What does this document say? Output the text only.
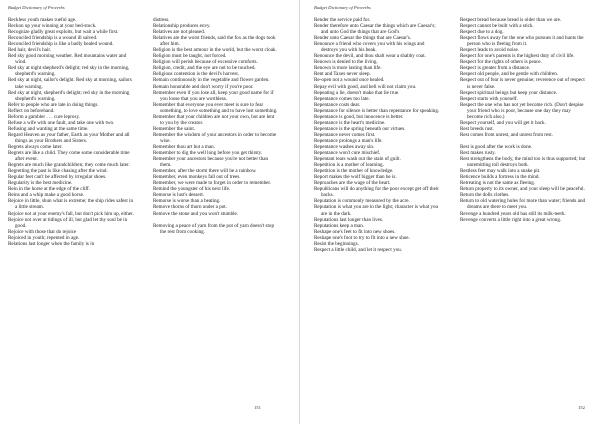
Budget Dictionary of Proverbs

Reckless youth makes rueful age.

Reckon up your winning at your bed-stock.

Recognize gladly great exploits, but wait a while first.

Reconciled friendship is a wound ill salved.

Reconciled friendship is like a badly healed wound.

Red hair, devil's hair.

Red sky good morning weather. Red mountains water and wind.

Red sky at night shepherd's delight; red sky in the morning, shepherd's warning.

Red sky at night, sailor's delight. Red sky at morning, sailors take warning.

Red sky at night, shepherd's delight; red sky in the morning shepherd's warning.

Refer to people who are late in doing things.

Reflect on beforehand.

Reform a gambler . . . cure leprosy.

Refuse a wife with one fault, and take one with two.

Refusing and wanting at the same time.

Regard Heaven as your father, Earth as your Mother and all things as your Brothers and Sisters.

Regrets always come later.

Regrets are like a child. They come some considerable time after event.

Regrets are much like grandchildren; they come much later.

Regretting the past is like chasing after the wind.

Regular feet can't be affected by irregular shoes.

Regularity is the best medicine.

Rein in the horse at the edge of the cliff.

Reins and a whip make a good horse.

Rejoice in little, shun what is extreme; the ship rides safest in a little stream.

Rejoice not at your enemy's fall, but don't pick him up, either.

Rejoice not over at tidings of ill, but glad let thy soul be in good.

Rejoice with those that do rejoice

Rejoiced in youth; repented in age.

Relations last longer when the family is in

distress.

Relationship produces envy.

Relatives are not pleased.

Relatives are the worst friends, said the fox as the dogs took after him.

Religion is the best armour in the world, but the worst cloak.

Religion must be taught, not forced.

Religion will perish because of excessive comforts.

Religion, credit, and the eye are not to be touched.

Religious contention is the devil's harvest.

Remain continuously in the vegetable and flower garden.

Remain honorable and don't worry if you're poor.

Remember even if you lose all, keep your good name for if you loose that you are worthless.

Remember that everyone you ever meet is sure to fear something, to love something and to have lost something.

Remember that your children are not your own, but are lent to you by the creator.

Remember the saint.

Remember the wisdom of your ancestors in order to become wise.

Remember thou art but a man.

Remember to dig the well long before you get thirsty.

Remember your ancestors because you're not better than them.

Remember, after the storm there will be a rainbow.

Remember, even monkeys fall out of trees.

Remember, we were made to forget in order to remember.

Remind the youngster of his next life.

Remorse is lust's dessert.

Remorse is worse than a beating.

Remove thorns of thorn under a pot.

Remove the stone and you won't stumble.

Removing a peace of yarn from the pot of yarn doesn't stop the rest from cooking.

151
Budget Dictionary of Proverbs

Render the service paid for.

Render therefore unto Caesar the things which are Caesar's; and unto God the things that are God's

Render unto Caesar the things that are Caesar's.

Renounce a friend who covers you with his wings and destroys you with his beak.

Renounce the devil, and thou shalt wear a shabby coat.

Renown is denied to the living.

Renown is more lasting than life.

Rent and Taxes never sleep.

Re-open not a wound once healed.

Repay evil with good, and hell will not claim you.

Repeating a lie, doesn't make that lie true.

Repentance comes too late.

Repentance costs dear.

Repentance for silence is better than repentance for speaking.

Repentance is good, but innocence is better.

Repentance is the heart's medicine.

Repentance is the spring beneath our virtues.

Repentance never comes first.

Repentance prolongs a man's life.

Repentance washes away sin.

Repentance won't cure mischief.

Repentant tears wash out the stain of guilt.

Repetition is a mother of learning.

Repetition is the mother of knowledge.

Report makes the wolf bigger than he is.

Reproaches are the wage of the heart.

Republicans will do anything for the poor except get off their backs.

Reputation is commonly measured by the acre.

Reputation is what you are in the light; character is what you are in the dark.

Reputations last longer than lives.

Reputations keep a man.

Reshape one's feet to fit into new shoes.

Reshape one's foot to try to fit into a new shoe.

Resist the beginnings.

Respect a little child, and let it respect you.

Respect bread because bread is older than we are.

Respect cannot be built with a stick.

Respect due to a dog.

Respect flows away for the one who pursues it and hunts the person who is fleeing from it.

Respect leads to avoid noise.

Respect for one's parents is the highest duty of civil life.

Respect for the rights of others is peace.

Respect is greater from a distance.

Respect old people, and be gentle with children.

Respect out of fear is never genuine; reverence out of respect is never false.

Respect spiritual beings but keep your distance.

Respect starts with yourself.

Respect the one who has not yet become rich. (Don't despise your friend who is poor, because one day they may become rich also.)

Respect yourself, and you will get it back.

Rest breeds rust.

Rest comes from unrest, and unrest from rest.

Rest is good after the work is done.

Rest makes rusty.

Rest strengthens the body, the mind too is thus supported; but unremitting toil destroys both.

Restless feet may walk into a snake pit.

Reticence builds a fortress in the mind.

Retreating is not the same as fleeing.

Return property to its owner, and your sleep will be peaceful.

Return the dolls clothes.

Return to old watering holes for more than water; friends and dreams are there to meet you.

Revenge a hundred years old has still its milk-teeth.

Revenge converts a little right into a great wrong.

152
